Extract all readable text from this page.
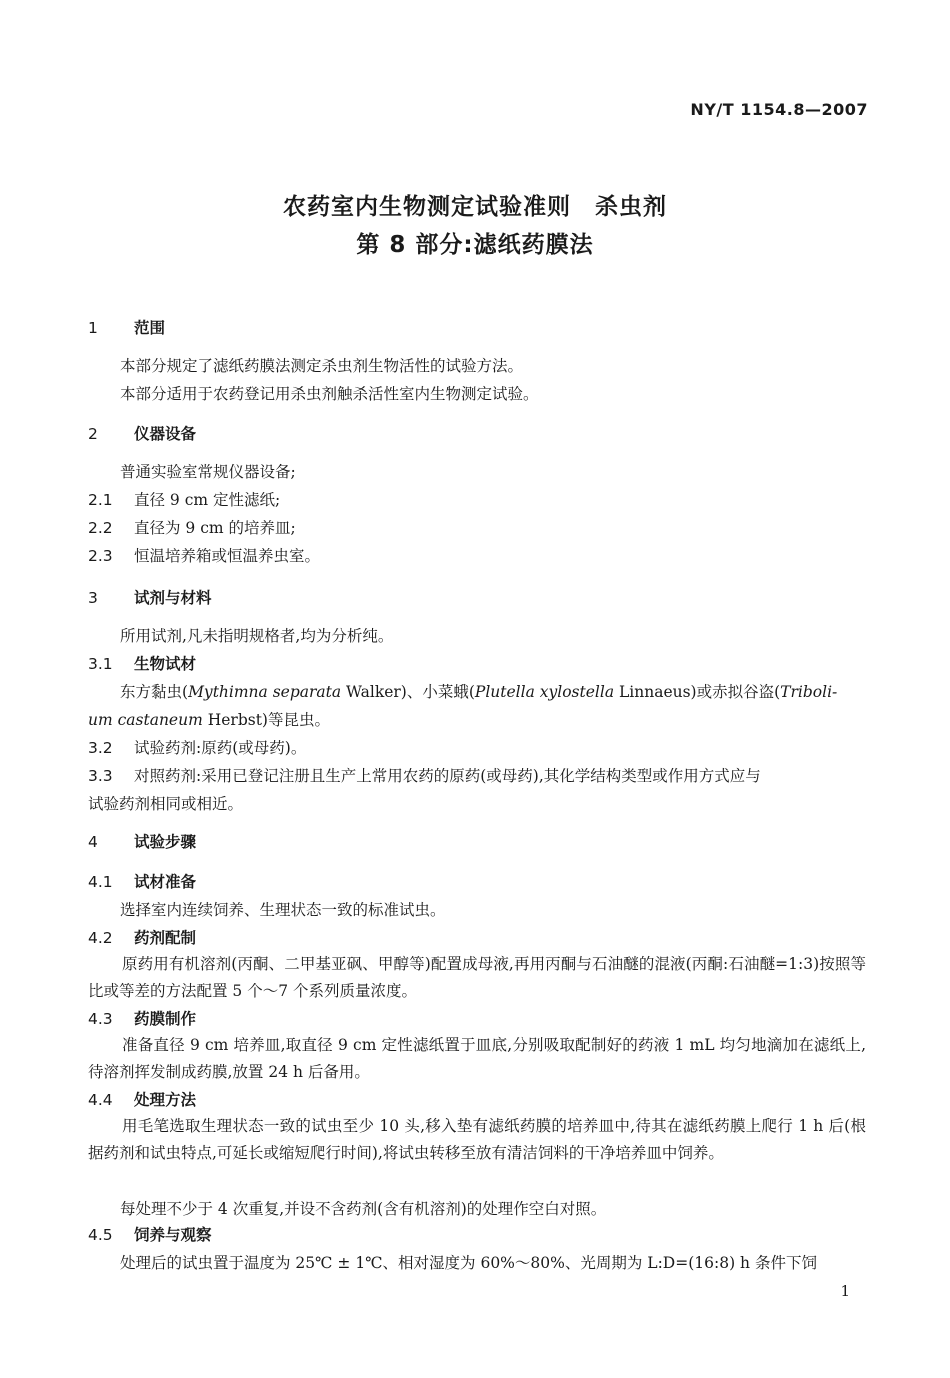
NY/T 1154.8—2007
农药室内生物测定试验准则　杀虫剂
第 8 部分:滤纸药膜法
1 范围
本部分规定了滤纸药膜法测定杀虫剂生物活性的试验方法。
本部分适用于农药登记用杀虫剂触杀活性室内生物测定试验。
2 仪器设备
普通实验室常规仪器设备;
2.1 直径 9 cm 定性滤纸;
2.2 直径为 9 cm 的培养皿;
2.3 恒温培养箱或恒温养虫室。
3 试剂与材料
所用试剂,凡未指明规格者,均为分析纯。
3.1 生物试材
东方黏虫(Mythimna separata Walker)、小菜蛾(Plutella xylostella Linnaeus)或赤拟谷盗(Triboli-
um castaneum Herbst)等昆虫。
3.2 试验药剂:原药(或母药)。
3.3 对照药剂:采用已登记注册且生产上常用农药的原药(或母药),其化学结构类型或作用方式应与
试验药剂相同或相近。
4 试验步骤
4.1 试材准备
选择室内连续饲养、生理状态一致的标准试虫。
4.2 药剂配制
原药用有机溶剂(丙酮、二甲基亚砜、甲醇等)配置成母液,再用丙酮与石油醚的混液(丙酮:石油醚=1:3)按照等比或等差的方法配置 5 个～7 个系列质量浓度。
4.3 药膜制作
准备直径 9 cm 培养皿,取直径 9 cm 定性滤纸置于皿底,分别吸取配制好的药液 1 mL 均匀地滴加在滤纸上,待溶剂挥发制成药膜,放置 24 h 后备用。
4.4 处理方法
用毛笔选取生理状态一致的试虫至少 10 头,移入垫有滤纸药膜的培养皿中,待其在滤纸药膜上爬行 1 h 后(根据药剂和试虫特点,可延长或缩短爬行时间),将试虫转移至放有清洁饲料的干净培养皿中饲养。
每处理不少于 4 次重复,并设不含药剂(含有机溶剂)的处理作空白对照。
4.5 饲养与观察
处理后的试虫置于温度为 25℃ ± 1℃、相对湿度为 60%～80%、光周期为 L:D=(16:8) h 条件下饲
1
